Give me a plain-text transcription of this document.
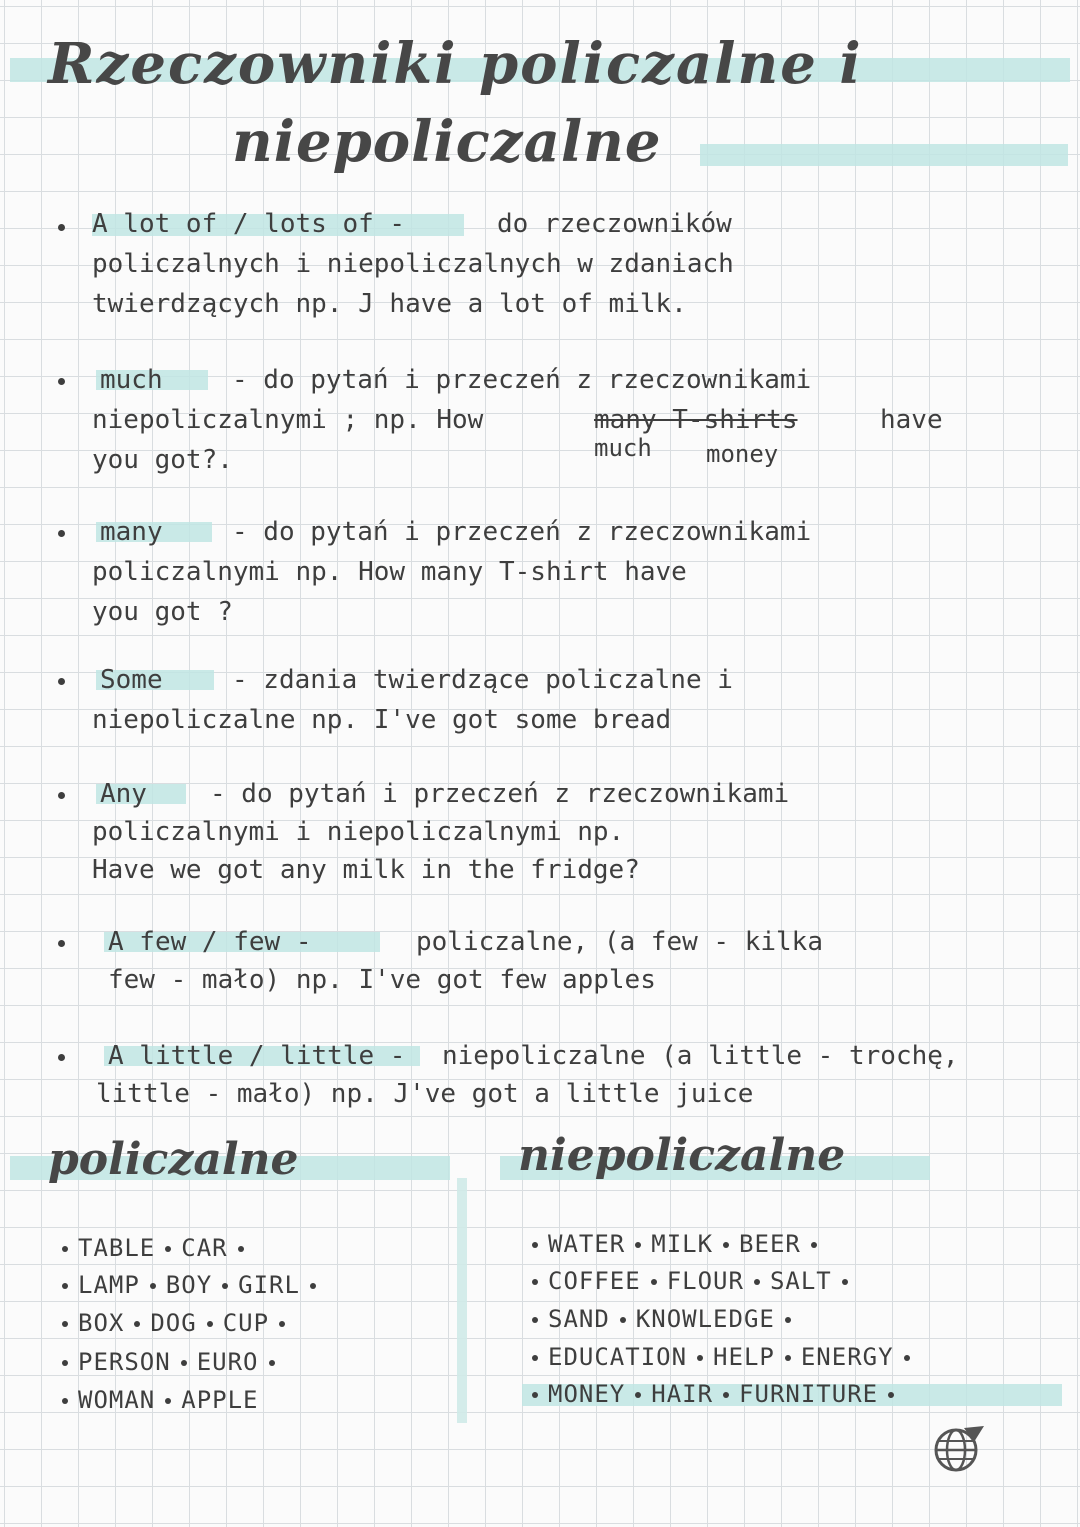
Rzeczowniki policzalne i
niepoliczalne
A lot of / lots of -	do rzeczowników
policzalnych i niepoliczalnych w zdaniach
twierdzących np. J have a lot of milk.
much	- do pytań i przeczeń z rzeczownikami
niepoliczalnymi ; np. How	many T-shirts	have
much money
you got?.
many	- do pytań i przeczeń z rzeczownikami
policzalnymi np. How many T-shirt have
you got ?
Some	- zdania twierdzące policzalne i
niepoliczalne np. I've got some bread
Any - do pytań i przeczeń z rzeczownikami
policzalnymi i niepoliczalnymi np.
Have we got any milk in the fridge?
A few / few -	policzalne, (a few - kilka
few - mało) np. I've got few apples
A little / little - niepoliczalne (a little - trochę,
little - mało) np. J've got a little juice
policzalne	niepoliczalne
TABLE CAR
LAMP BOY GIRL
BOX DOG CUP
PERSON EURO
WOMAN APPLE
WATER MILK BEER
COFFEE FLOUR SALT
SAND KNOWLEDGE
EDUCATION HELP ENERGY
MONEY HAIR FURNITURE
